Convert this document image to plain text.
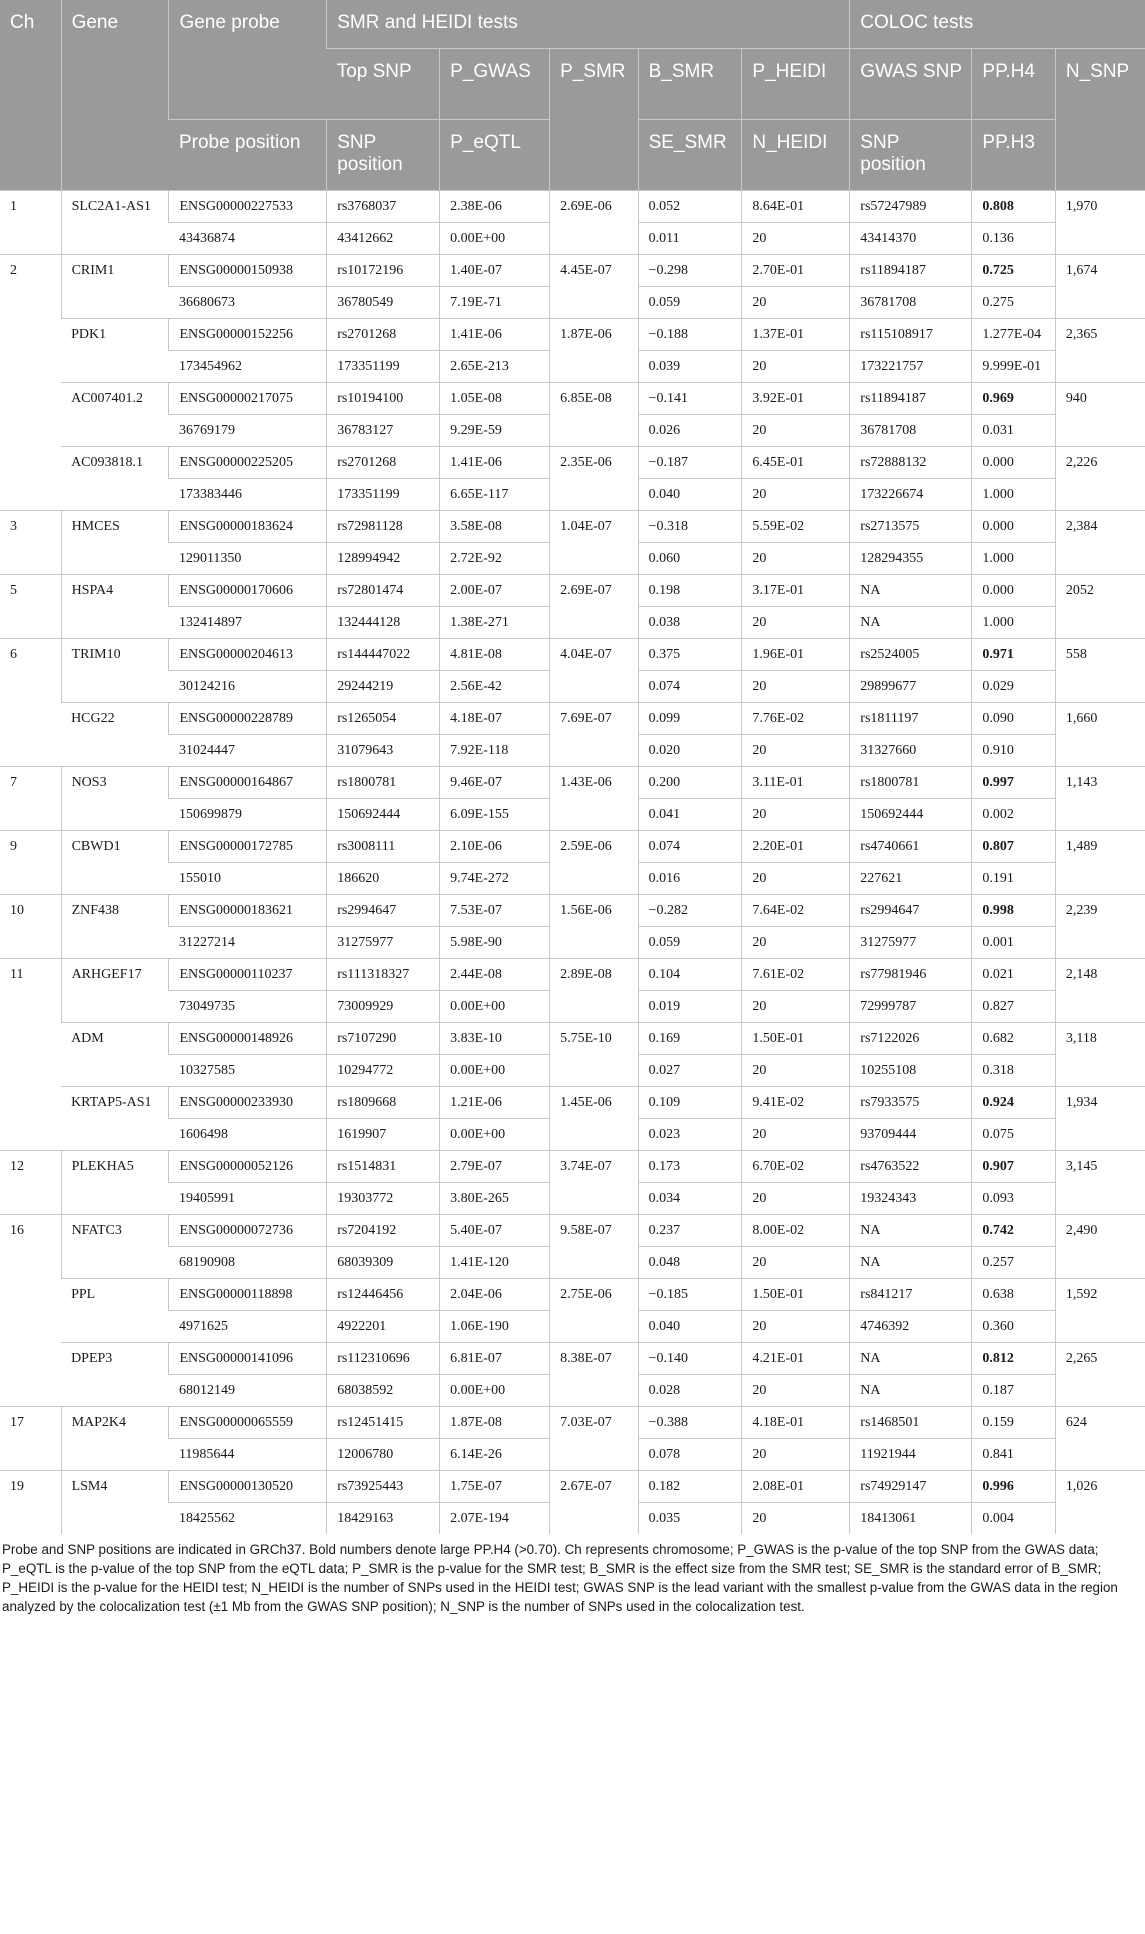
Ch	Gene	Gene probe	SMR and HEIDI tests					COLOC tests		
			Top SNP	P_GWAS	P_SMR	B_SMR	P_HEIDI	GWAS SNP	PP.H4	N_SNP
		Probe position	SNP position	P_eQTL		SE_SMR	N_HEIDI	SNP position	PP.H3	
1	SLC2A1-AS1	ENSG00000227533	rs3768037	2.38E-06	2.69E-06	0.052	8.64E-01	rs57247989	0.808	1,970
		43436874	43412662	0.00E+00		0.011	20	43414370	0.136	
2	CRIM1	ENSG00000150938	rs10172196	1.40E-07	4.45E-07	−0.298	2.70E-01	rs11894187	0.725	1,674
		36680673	36780549	7.19E-71		0.059	20	36781708	0.275	
	PDK1	ENSG00000152256	rs2701268	1.41E-06	1.87E-06	−0.188	1.37E-01	rs115108917	1.277E-04	2,365
		173454962	173351199	2.65E-213		0.039	20	173221757	9.999E-01	
	AC007401.2	ENSG00000217075	rs10194100	1.05E-08	6.85E-08	−0.141	3.92E-01	rs11894187	0.969	940
		36769179	36783127	9.29E-59		0.026	20	36781708	0.031	
	AC093818.1	ENSG00000225205	rs2701268	1.41E-06	2.35E-06	−0.187	6.45E-01	rs72888132	0.000	2,226
		173383446	173351199	6.65E-117		0.040	20	173226674	1.000	
3	HMCES	ENSG00000183624	rs72981128	3.58E-08	1.04E-07	−0.318	5.59E-02	rs2713575	0.000	2,384
		129011350	128994942	2.72E-92		0.060	20	128294355	1.000	
5	HSPA4	ENSG00000170606	rs72801474	2.00E-07	2.69E-07	0.198	3.17E-01	NA	0.000	2052
		132414897	132444128	1.38E-271		0.038	20	NA	1.000	
6	TRIM10	ENSG00000204613	rs144447022	4.81E-08	4.04E-07	0.375	1.96E-01	rs2524005	0.971	558
		30124216	29244219	2.56E-42		0.074	20	29899677	0.029	
	HCG22	ENSG00000228789	rs1265054	4.18E-07	7.69E-07	0.099	7.76E-02	rs1811197	0.090	1,660
		31024447	31079643	7.92E-118		0.020	20	31327660	0.910	
7	NOS3	ENSG00000164867	rs1800781	9.46E-07	1.43E-06	0.200	3.11E-01	rs1800781	0.997	1,143
		150699879	150692444	6.09E-155		0.041	20	150692444	0.002	
9	CBWD1	ENSG00000172785	rs3008111	2.10E-06	2.59E-06	0.074	2.20E-01	rs4740661	0.807	1,489
		155010	186620	9.74E-272		0.016	20	227621	0.191	
10	ZNF438	ENSG00000183621	rs2994647	7.53E-07	1.56E-06	−0.282	7.64E-02	rs2994647	0.998	2,239
		31227214	31275977	5.98E-90		0.059	20	31275977	0.001	
11	ARHGEF17	ENSG00000110237	rs111318327	2.44E-08	2.89E-08	0.104	7.61E-02	rs77981946	0.021	2,148
		73049735	73009929	0.00E+00		0.019	20	72999787	0.827	
	ADM	ENSG00000148926	rs7107290	3.83E-10	5.75E-10	0.169	1.50E-01	rs7122026	0.682	3,118
		10327585	10294772	0.00E+00		0.027	20	10255108	0.318	
	KRTAP5-AS1	ENSG00000233930	rs1809668	1.21E-06	1.45E-06	0.109	9.41E-02	rs7933575	0.924	1,934
		1606498	1619907	0.00E+00		0.023	20	93709444	0.075	
12	PLEKHA5	ENSG00000052126	rs1514831	2.79E-07	3.74E-07	0.173	6.70E-02	rs4763522	0.907	3,145
		19405991	19303772	3.80E-265		0.034	20	19324343	0.093	
16	NFATC3	ENSG00000072736	rs7204192	5.40E-07	9.58E-07	0.237	8.00E-02	NA	0.742	2,490
		68190908	68039309	1.41E-120		0.048	20	NA	0.257	
	PPL	ENSG00000118898	rs12446456	2.04E-06	2.75E-06	−0.185	1.50E-01	rs841217	0.638	1,592
		4971625	4922201	1.06E-190		0.040	20	4746392	0.360	
	DPEP3	ENSG00000141096	rs112310696	6.81E-07	8.38E-07	−0.140	4.21E-01	NA	0.812	2,265
		68012149	68038592	0.00E+00		0.028	20	NA	0.187	
17	MAP2K4	ENSG00000065559	rs12451415	1.87E-08	7.03E-07	−0.388	4.18E-01	rs1468501	0.159	624
		11985644	12006780	6.14E-26		0.078	20	11921944	0.841	
19	LSM4	ENSG00000130520	rs73925443	1.75E-07	2.67E-07	0.182	2.08E-01	rs74929147	0.996	1,026
		18425562	18429163	2.07E-194		0.035	20	18413061	0.004	
Probe and SNP positions are indicated in GRCh37. Bold numbers denote large PP.H4 (>0.70). Ch represents chromosome; P_GWAS is the p-value of the top SNP from the GWAS data; P_eQTL is the p-value of the top SNP from the eQTL data; P_SMR is the p-value for the SMR test; B_SMR is the effect size from the SMR test; SE_SMR is the standard error of B_SMR; P_HEIDI is the p-value for the HEIDI test; N_HEIDI is the number of SNPs used in the HEIDI test; GWAS SNP is the lead variant with the smallest p-value from the GWAS data in the region analyzed by the colocalization test (±1 Mb from the GWAS SNP position); N_SNP is the number of SNPs used in the colocalization test.
